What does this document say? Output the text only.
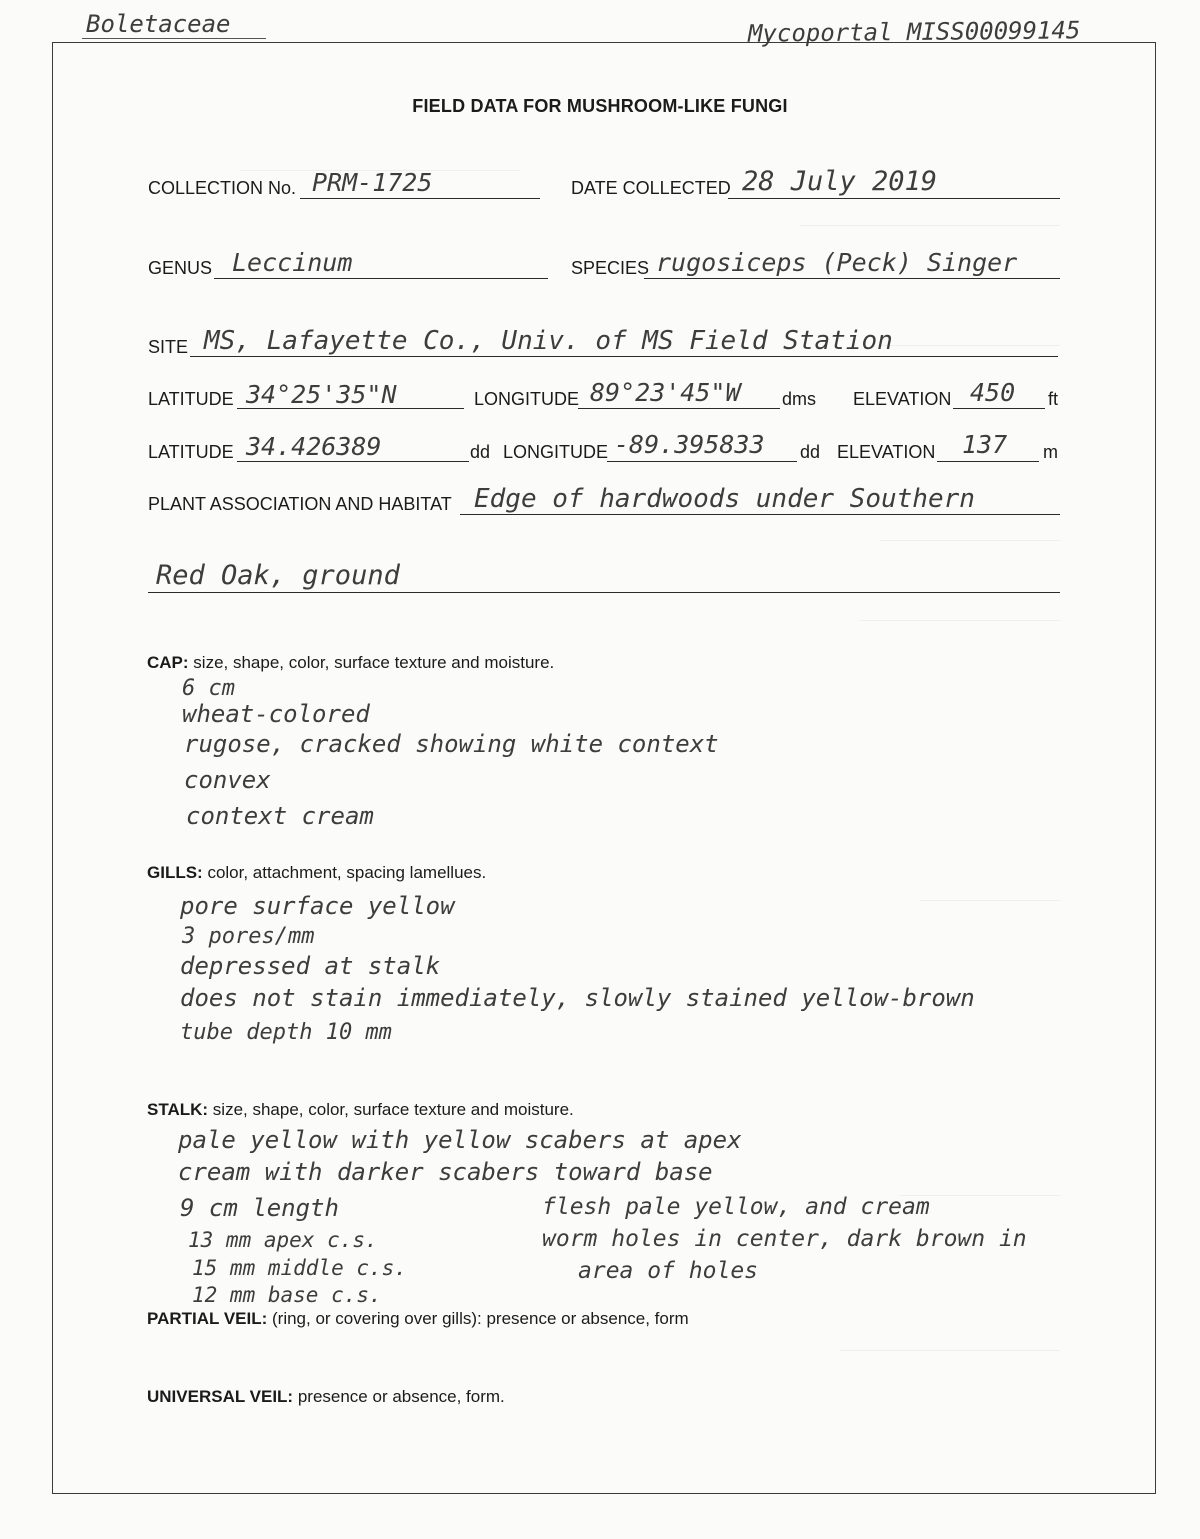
Boletaceae	Mycoportal MISS00099145
FIELD DATA FOR MUSHROOM-LIKE FUNGI
COLLECTION No. PRM-1725	DATE COLLECTED 28 July 2019
GENUS Leccinum	SPECIES rugosiceps (Peck) Singer
SITE MS, Lafayette Co., Univ. of MS Field Station
LATITUDE 34°25'35"N	LONGITUDE 89°23'45"W dms ELEVATION 450 ft
LATITUDE 34.426389	dd LONGITUDE -89.395833 dd ELEVATION 137 m
PLANT ASSOCIATION AND HABITAT Edge of hardwoods under Southern
Red Oak, ground
CAP: size, shape, color, surface texture and moisture.
6 cm
wheat-colored
rugose, cracked showing white context
convex
context cream
GILLS: color, attachment, spacing lamellues.
pore surface yellow
3 pores/mm
depressed at stalk
does not stain immediately, slowly stained yellow-brown
tube depth 10 mm
STALK: size, shape, color, surface texture and moisture.
pale yellow with yellow scabers at apex
cream with darker scabers toward base
9 cm length
13 mm apex c.s.
15 mm middle c.s.
12 mm base c.s.
flesh pale yellow, and cream
worm holes in center, dark brown in
area of holes
PARTIAL VEIL: (ring, or covering over gills): presence or absence, form
UNIVERSAL VEIL: presence or absence, form.
